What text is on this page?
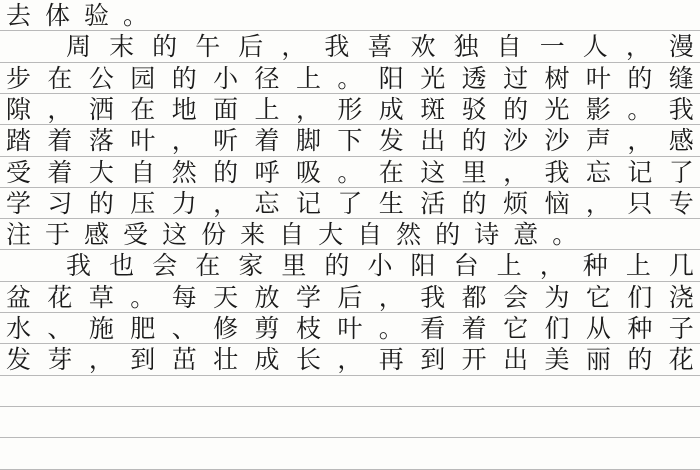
去 体 验 。
周 末 的 午 后 ， 我 喜 欢 独 自 一 人 ， 漫
步 在 公 园 的 小 径 上 。 阳 光 透 过 树 叶 的 缝
隙 ， 洒 在 地 面 上 ， 形 成 斑 驳 的 光 影 。 我
踏 着 落 叶 ， 听 着 脚 下 发 出 的 沙 沙 声 ， 感
受 着 大 自 然 的 呼 吸 。 在 这 里 ， 我 忘 记 了
学 习 的 压 力 ， 忘 记 了 生 活 的 烦 恼 ， 只 专
注 于 感 受 这 份 来 自 大 自 然 的 诗 意 。
我 也 会 在 家 里 的 小 阳 台 上 ， 种 上 几
盆 花 草 。 每 天 放 学 后 ， 我 都 会 为 它 们 浇
水 、 施 肥 、 修 剪 枝 叶 。 看 着 它 们 从 种 子
发 芽 ， 到 茁 壮 成 长 ， 再 到 开 出 美 丽 的 花
